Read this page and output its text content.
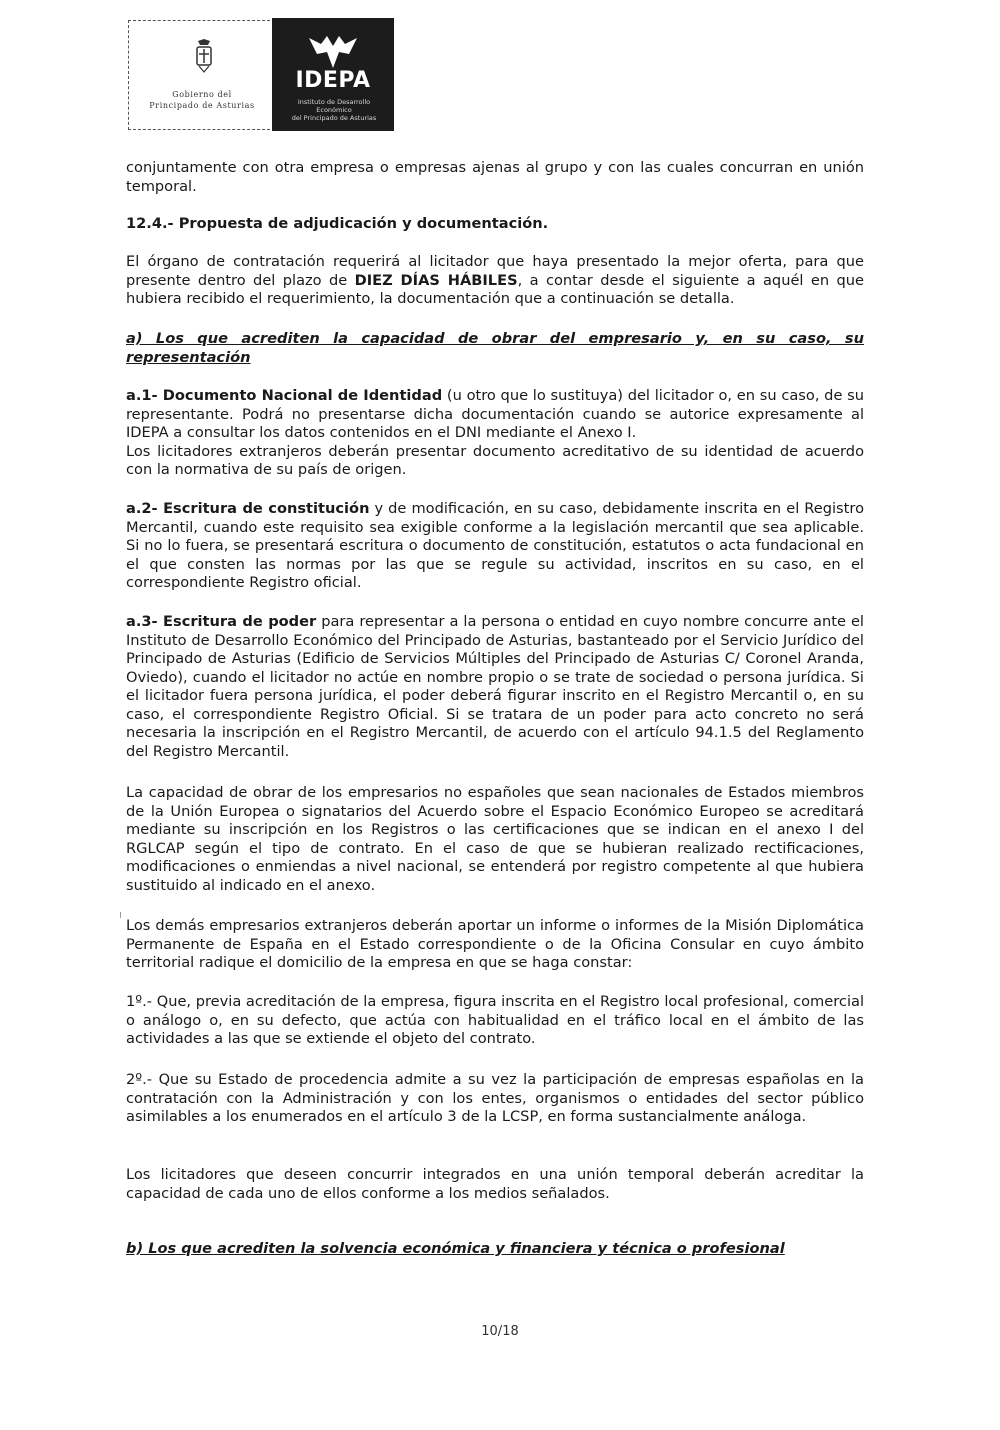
Gobierno del
Principado de Asturias
IDEPA
Instituto de Desarrollo Económico
del Principado de Asturias

conjuntamente con otra empresa o empresas ajenas al grupo y con las cuales concurran en unión temporal.

12.4.- Propuesta de adjudicación y documentación.

El órgano de contratación requerirá al licitador que haya presentado la mejor oferta, para que presente dentro del plazo de DIEZ DÍAS HÁBILES, a contar desde el siguiente a aquél en que hubiera recibido el requerimiento, la documentación que a continuación se detalla.

a) Los que acrediten la capacidad de obrar del empresario y, en su caso, su representación

a.1- Documento Nacional de Identidad (u otro que lo sustituya) del licitador o, en su caso, de su representante. Podrá no presentarse dicha documentación cuando se autorice expresamente al IDEPA a consultar los datos contenidos en el DNI mediante el Anexo I.
Los licitadores extranjeros deberán presentar documento acreditativo de su identidad de acuerdo con la normativa de su país de origen.

a.2- Escritura de constitución y de modificación, en su caso, debidamente inscrita en el Registro Mercantil, cuando este requisito sea exigible conforme a la legislación mercantil que sea aplicable. Si no lo fuera, se presentará escritura o documento de constitución, estatutos o acta fundacional en el que consten las normas por las que se regule su actividad, inscritos en su caso, en el correspondiente Registro oficial.

a.3- Escritura de poder para representar a la persona o entidad en cuyo nombre concurre ante el Instituto de Desarrollo Económico del Principado de Asturias, bastanteado por el Servicio Jurídico del Principado de Asturias (Edificio de Servicios Múltiples del Principado de Asturias C/ Coronel Aranda, Oviedo), cuando el licitador no actúe en nombre propio o se trate de sociedad o persona jurídica. Si el licitador fuera persona jurídica, el poder deberá figurar inscrito en el Registro Mercantil o, en su caso, el correspondiente Registro Oficial. Si se tratara de un poder para acto concreto no será necesaria la inscripción en el Registro Mercantil, de acuerdo con el artículo 94.1.5 del Reglamento del Registro Mercantil.

La capacidad de obrar de los empresarios no españoles que sean nacionales de Estados miembros de la Unión Europea o signatarios del Acuerdo sobre el Espacio Económico Europeo se acreditará mediante su inscripción en los Registros o las certificaciones que se indican en el anexo I del RGLCAP según el tipo de contrato. En el caso de que se hubieran realizado rectificaciones, modificaciones o enmiendas a nivel nacional, se entenderá por registro competente al que hubiera sustituido al indicado en el anexo.

Los demás empresarios extranjeros deberán aportar un informe o informes de la Misión Diplomática Permanente de España en el Estado correspondiente o de la Oficina Consular en cuyo ámbito territorial radique el domicilio de la empresa en que se haga constar:

1º.- Que, previa acreditación de la empresa, figura inscrita en el Registro local profesional, comercial o análogo o, en su defecto, que actúa con habitualidad en el tráfico local en el ámbito de las actividades a las que se extiende el objeto del contrato.

2º.- Que su Estado de procedencia admite a su vez la participación de empresas españolas en la contratación con la Administración y con los entes, organismos o entidades del sector público asimilables a los enumerados en el artículo 3 de la LCSP, en forma sustancialmente análoga.

Los licitadores que deseen concurrir integrados en una unión temporal deberán acreditar la capacidad de cada uno de ellos conforme a los medios señalados.

b) Los que acrediten la solvencia económica y financiera y técnica o profesional
10/18
